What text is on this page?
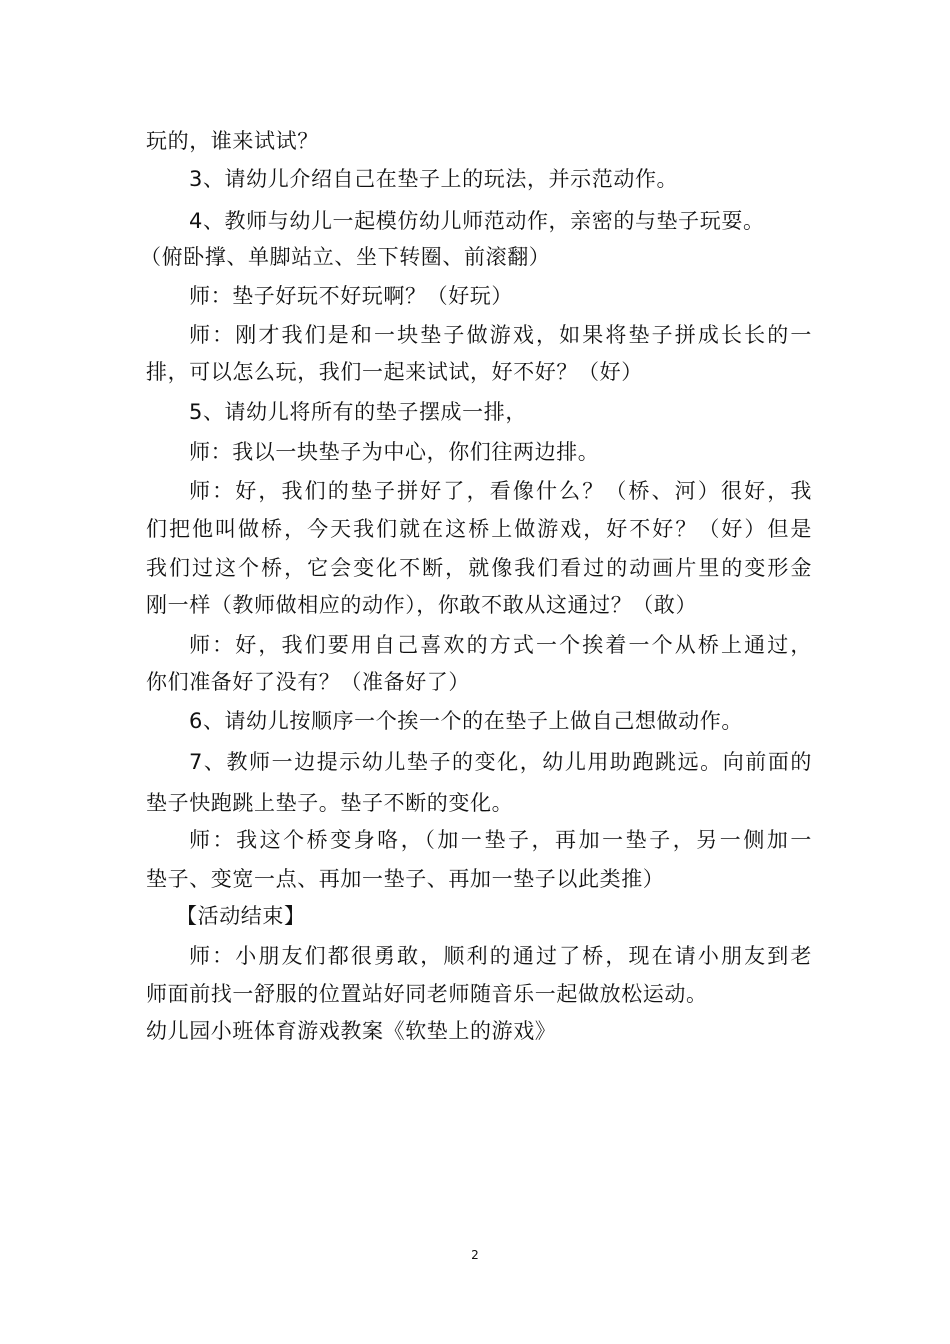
玩的，谁来试试？
3、请幼儿介绍自己在垫子上的玩法，并示范动作。
4、教师与幼儿一起模仿幼儿师范动作，亲密的与垫子玩耍。
（俯卧撑、单脚站立、坐下转圈、前滚翻）
师：垫子好玩不好玩啊？（好玩）
师：刚才我们是和一块垫子做游戏，如果将垫子拼成长长的一
排，可以怎么玩，我们一起来试试，好不好？（好）
5、请幼儿将所有的垫子摆成一排，
师：我以一块垫子为中心，你们往两边排。
师：好，我们的垫子拼好了，看像什么？（桥、河）很好，我
们把他叫做桥，今天我们就在这桥上做游戏，好不好？（好）但是
我们过这个桥，它会变化不断，就像我们看过的动画片里的变形金
刚一样（教师做相应的动作），你敢不敢从这通过？（敢）
师：好，我们要用自己喜欢的方式一个挨着一个从桥上通过，
你们准备好了没有？（准备好了）
6、请幼儿按顺序一个挨一个的在垫子上做自己想做动作。
7、教师一边提示幼儿垫子的变化，幼儿用助跑跳远。向前面的
垫子快跑跳上垫子。垫子不断的变化。
师：我这个桥变身咯，（加一垫子，再加一垫子，另一侧加一
垫子、变宽一点、再加一垫子、再加一垫子以此类推）
【活动结束】
师：小朋友们都很勇敢，顺利的通过了桥，现在请小朋友到老
师面前找一舒服的位置站好同老师随音乐一起做放松运动。
幼儿园小班体育游戏教案《软垫上的游戏》
2
